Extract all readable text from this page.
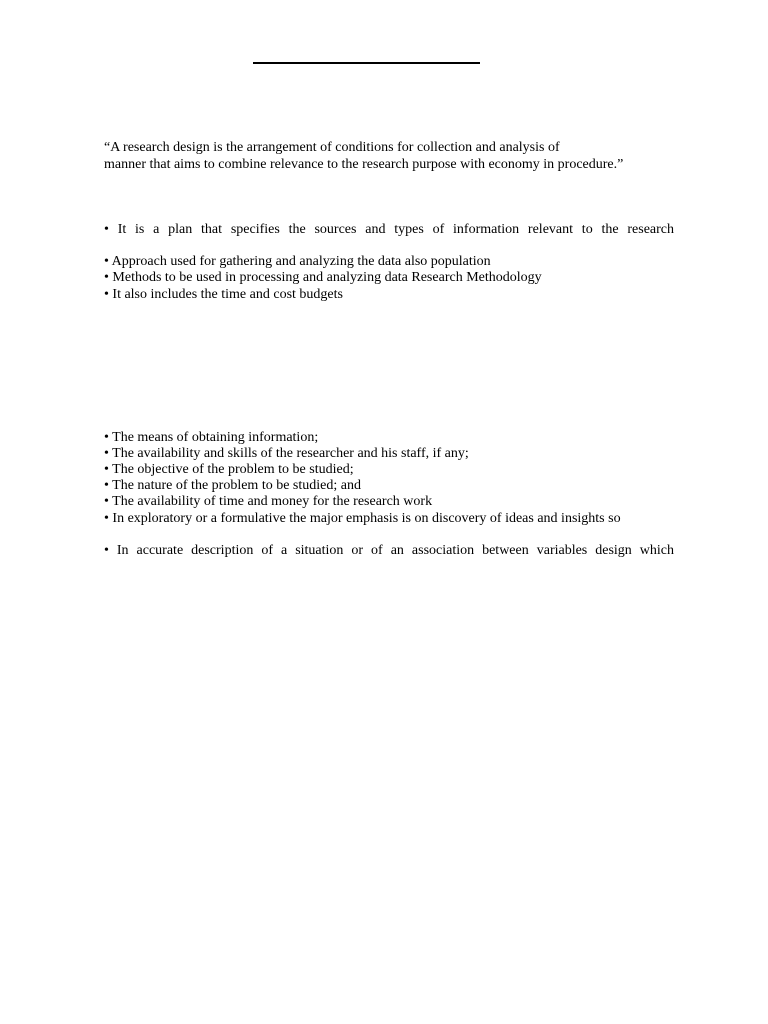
“A research design is the arrangement of conditions for collection and analysis of
manner that aims to combine relevance to the research purpose with economy in procedure.”
• It is a plan that specifies the sources and types of information relevant to the research
• Approach used for gathering and analyzing the data also population
• Methods to be used in processing and analyzing data Research Methodology
• It also includes the time and cost budgets
• The means of obtaining information;
• The availability and skills of the researcher and his staff, if any;
• The objective of the problem to be studied;
• The nature of the problem to be studied; and
• The availability of time and money for the research work
• In exploratory or a formulative the major emphasis is on discovery of ideas and insights so
• In accurate description of a situation or of an association between variables design which
